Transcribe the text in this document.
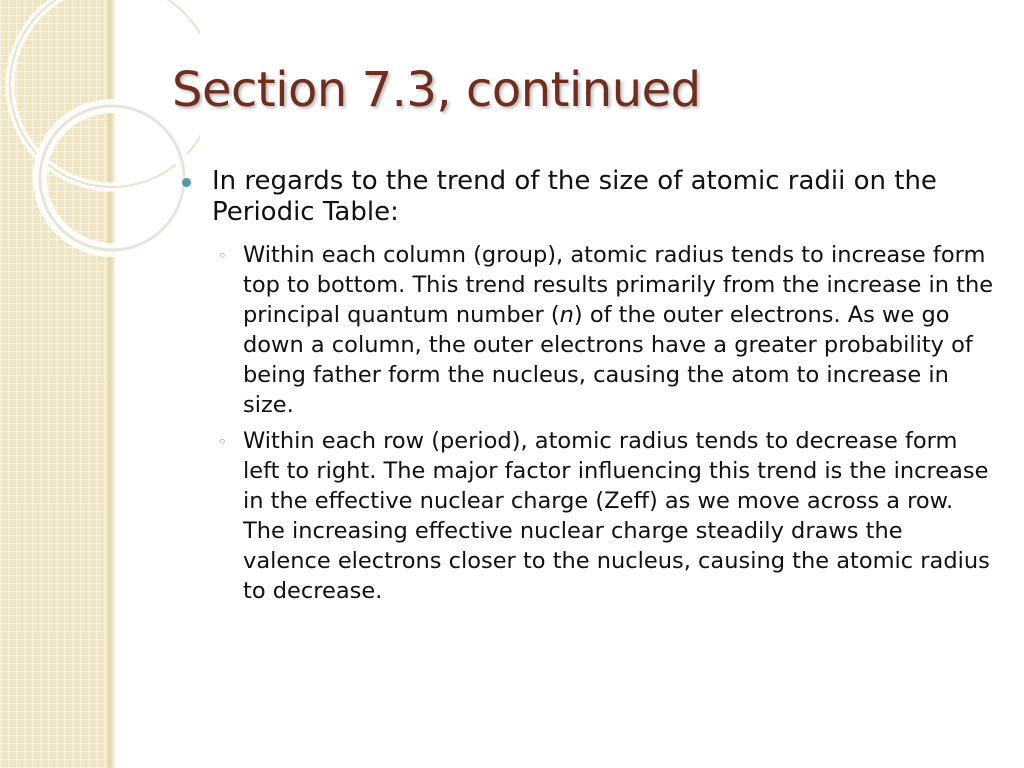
Section 7.3, continued
In regards to the trend of the size of atomic radii on the Periodic Table:
◦ Within each column (group), atomic radius tends to increase form top to bottom. This trend results primarily from the increase in the principal quantum number (n) of the outer electrons. As we go down a column, the outer electrons have a greater probability of being father form the nucleus, causing the atom to increase in size.
◦ Within each row (period), atomic radius tends to decrease form left to right. The major factor influencing this trend is the increase in the effective nuclear charge (Zeff) as we move across a row. The increasing effective nuclear charge steadily draws the valence electrons closer to the nucleus, causing the atomic radius to decrease.
